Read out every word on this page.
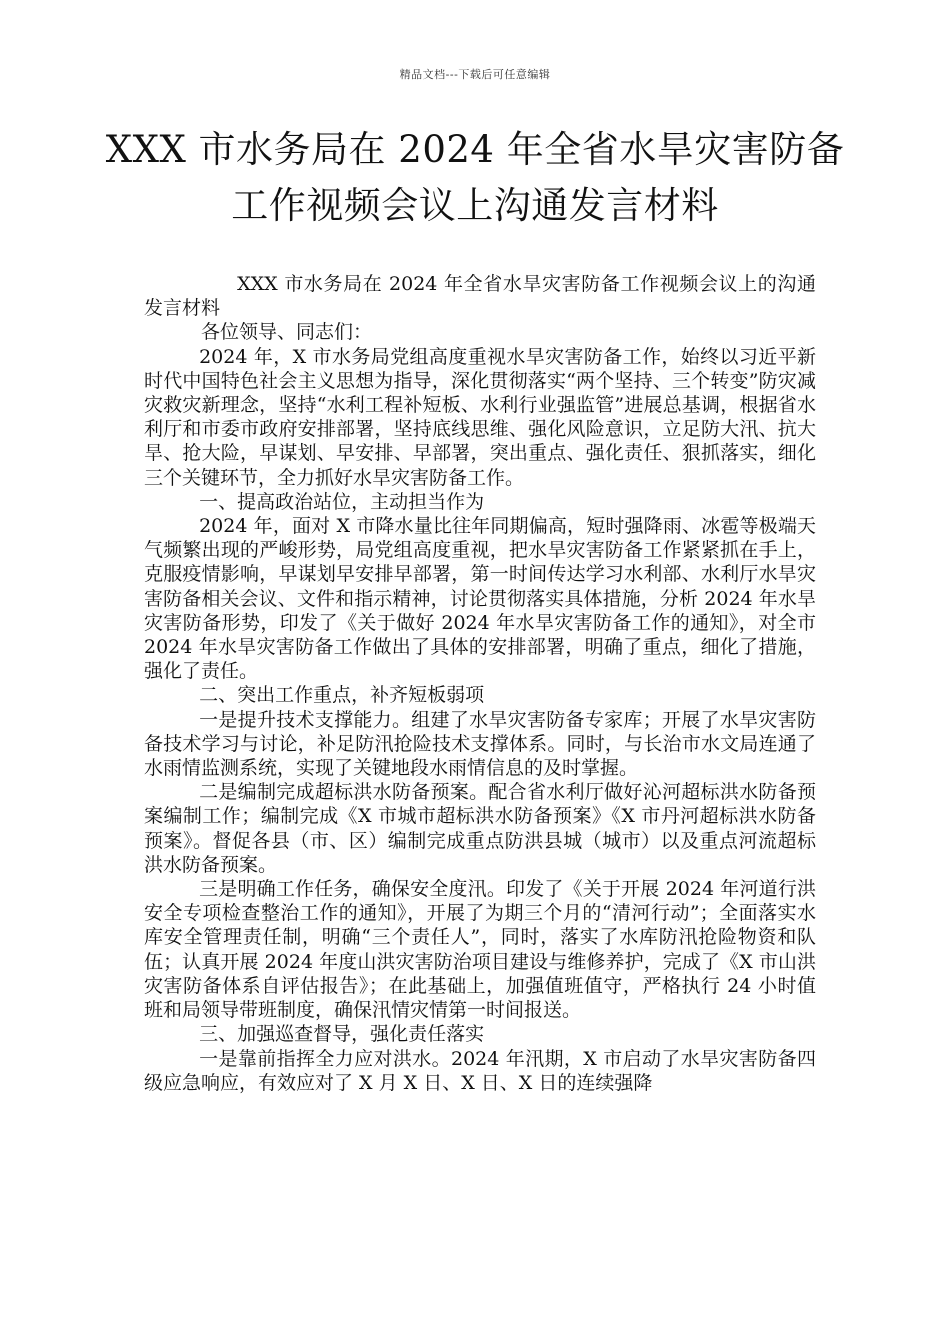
精品文档---下载后可任意编辑
XXX 市水务局在 2024 年全省水旱灾害防备
工作视频会议上沟通发言材料

XXX 市水务局在 2024 年全省水旱灾害防备工作视频会议上的沟通发言材料

各位领导、同志们：

2024 年，X 市水务局党组高度重视水旱灾害防备工作，始终以习近平新时代中国特色社会主义思想为指导，深化贯彻落实“两个坚持、三个转变”防灾减灾救灾新理念，坚持“水利工程补短板、水利行业强监管”进展总基调，根据省水利厅和市委市政府安排部署，坚持底线思维、强化风险意识，立足防大汛、抗大旱、抢大险，早谋划、早安排、早部署，突出重点、强化责任、狠抓落实，细化三个关键环节，全力抓好水旱灾害防备工作。

一、提高政治站位，主动担当作为

2024 年，面对 X 市降水量比往年同期偏高，短时强降雨、冰雹等极端天气频繁出现的严峻形势，局党组高度重视，把水旱灾害防备工作紧紧抓在手上，克服疫情影响，早谋划早安排早部署，第一时间传达学习水利部、水利厅水旱灾害防备相关会议、文件和指示精神，讨论贯彻落实具体措施，分析 2024 年水旱灾害防备形势，印发了《关于做好 2024 年水旱灾害防备工作的通知》，对全市 2024 年水旱灾害防备工作做出了具体的安排部署，明确了重点，细化了措施，强化了责任。

二、突出工作重点，补齐短板弱项

一是提升技术支撑能力。组建了水旱灾害防备专家库；开展了水旱灾害防备技术学习与讨论，补足防汛抢险技术支撑体系。同时，与长治市水文局连通了水雨情监测系统，实现了关键地段水雨情信息的及时掌握。

二是编制完成超标洪水防备预案。配合省水利厅做好沁河超标洪水防备预案编制工作；编制完成《X 市城市超标洪水防备预案》《X 市丹河超标洪水防备预案》。督促各县（市、区）编制完成重点防洪县城（城市）以及重点河流超标洪水防备预案。

三是明确工作任务，确保安全度汛。印发了《关于开展 2024 年河道行洪安全专项检查整治工作的通知》，开展了为期三个月的“清河行动”；全面落实水库安全管理责任制，明确“三个责任人”，同时，落实了水库防汛抢险物资和队伍；认真开展 2024 年度山洪灾害防治项目建设与维修养护，完成了《X 市山洪灾害防备体系自评估报告》；在此基础上，加强值班值守，严格执行 24 小时值班和局领导带班制度，确保汛情灾情第一时间报送。

三、加强巡查督导，强化责任落实

一是靠前指挥全力应对洪水。2024 年汛期，X 市启动了水旱灾害防备四级应急响应，有效应对了 X 月 X 日、X 日、X 日的连续强降
